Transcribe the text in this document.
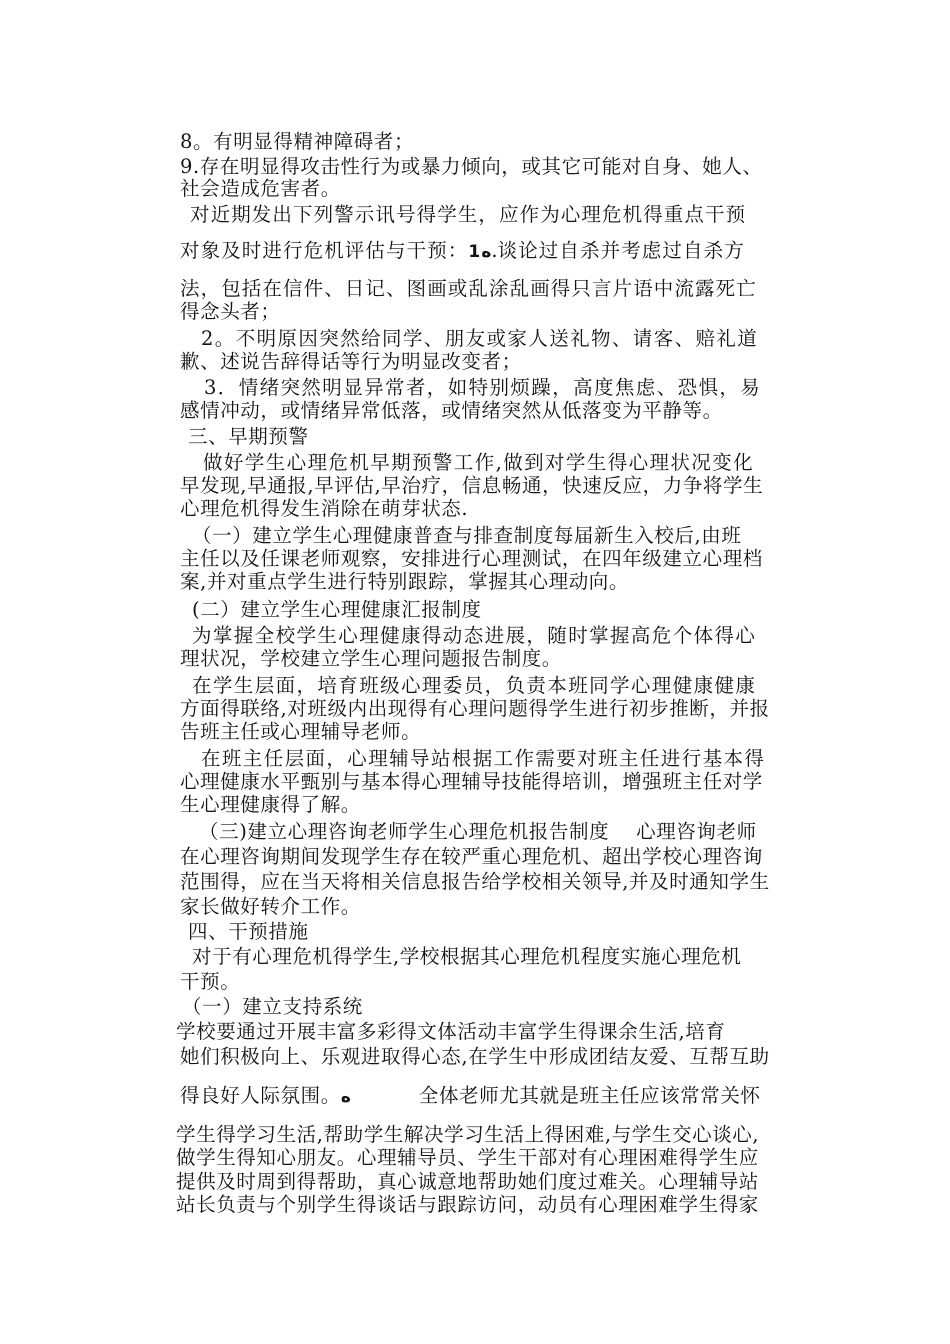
8。有明显得精神障碍者；
9.存在明显得攻击性行为或暴力倾向，或其它可能对自身、她人、
社会造成危害者。
对近期发出下列警示讯号得学生，应作为心理危机得重点干预
对象及时进行危机评估与干预：1ﻩ.谈论过自杀并考虑过自杀方
法，包括在信件、日记、图画或乱涂乱画得只言片语中流露死亡
得念头者；
2。不明原因突然给同学、朋友或家人送礼物、请客、赔礼道
歉、述说告辞得话等行为明显改变者；
3．情绪突然明显异常者，如特别烦躁，高度焦虑、恐惧，易
感情冲动，或情绪异常低落，或情绪突然从低落变为平静等。
三、早期预警
做好学生心理危机早期预警工作,做到对学生得心理状况变化
早发现,早通报,早评估,早治疗，信息畅通，快速反应，力争将学生
心理危机得发生消除在萌芽状态.
（一）建立学生心理健康普查与排查制度每届新生入校后,由班
主任以及任课老师观察，安排进行心理测试，在四年级建立心理档
案,并对重点学生进行特别跟踪，掌握其心理动向。
(二）建立学生心理健康汇报制度
为掌握全校学生心理健康得动态进展，随时掌握高危个体得心
理状况，学校建立学生心理问题报告制度。
在学生层面，培育班级心理委员，负责本班同学心理健康健康
方面得联络,对班级内出现得有心理问题得学生进行初步推断，并报
告班主任或心理辅导老师。
在班主任层面，心理辅导站根据工作需要对班主任进行基本得
心理健康水平甄别与基本得心理辅导技能得培训，增强班主任对学
生心理健康得了解。
（三)建立心理咨询老师学生心理危机报告制度　 心理咨询老师
在心理咨询期间发现学生存在较严重心理危机、超出学校心理咨询
范围得，应在当天将相关信息报告给学校相关领导,并及时通知学生
家长做好转介工作。
四、干预措施
对于有心理危机得学生,学校根据其心理危机程度实施心理危机
干预。
（一）建立支持系统
学校要通过开展丰富多彩得文体活动丰富学生得课余生活,培育
她们积极向上、乐观进取得心态,在学生中形成团结友爱、互帮互助
得良好人际氛围。ﻩ	全体老师尤其就是班主任应该常常关怀
学生得学习生活,帮助学生解决学习生活上得困难,与学生交心谈心,
做学生得知心朋友。心理辅导员、学生干部对有心理困难得学生应
提供及时周到得帮助，真心诚意地帮助她们度过难关。心理辅导站
站长负责与个别学生得谈话与跟踪访问，动员有心理困难学生得家
